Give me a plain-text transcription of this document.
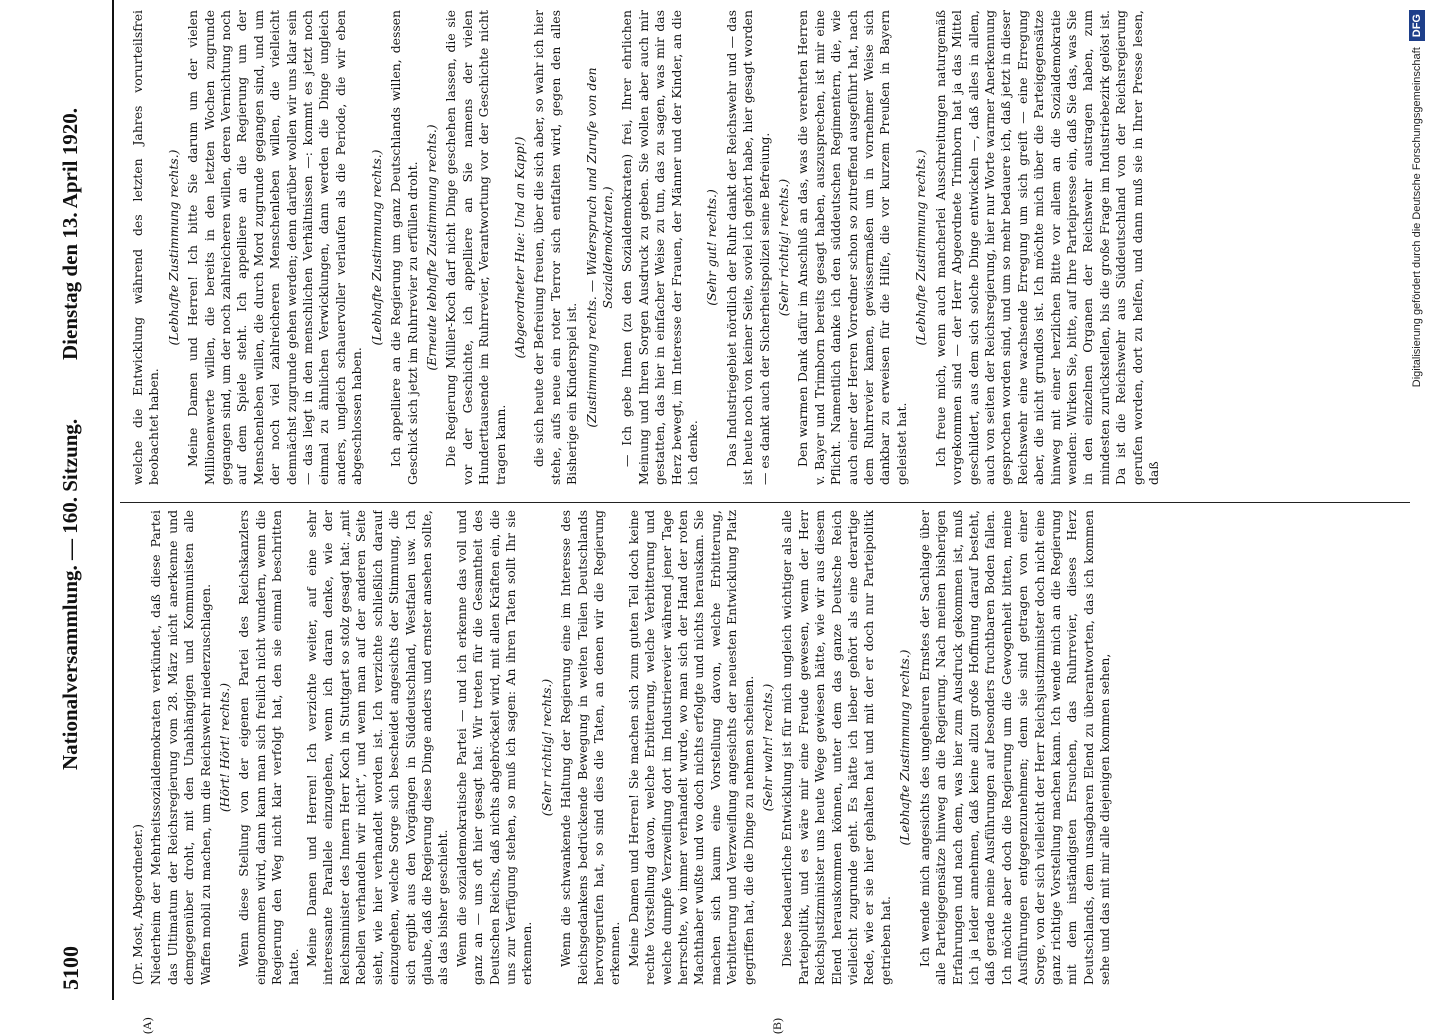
5100
Nationalversammlung. — 160. Sitzung.
Dienstag den 13. April 1920.
(A)	(B)

(Dr. Most, Abgeordneter.) Niederheim der Mehrheitssozialdemokraten verkündet, daß diese Partei das Ultimatum der Reichsregierung vom 28. März nicht anerkenne und demgegenüber droht, mit den Unabhängigen und Kommunisten alle Waffen mobil zu machen, um die Reichswehr niederzuschlagen. (Hört! Hört! rechts.) Wenn diese Stellung von der eigenen Partei des Reichskanzlers eingenommen wird, dann kann man sich freilich nicht wundern, wenn die Regierung den Weg nicht klar verfolgt hat, den sie einmal beschritten hatte. Meine Damen und Herren! Ich verzichte weiter, auf eine sehr interessante Parallele einzugehen, wenn ich daran denke, wie der Reichsminister des Innern Herr Koch in Stuttgart so stolz gesagt hat: „mit Rebellen verhandeln wir nicht“, und wenn man auf der anderen Seite sieht, wie hier verhandelt worden ist. Ich verzichte schließlich darauf einzugehen, welche Sorge sich bescheidet angesichts der Stimmung, die sich ergibt aus den Vorgängen in Süddeutschland, Westfalen usw. Ich glaube, daß die Regierung diese Dinge anders und ernster ansehen sollte, als das bisher geschieht. Wenn die sozialdemokratische Partei — und ich erkenne das voll und ganz an — uns oft hier gesagt hat: Wir treten für die Gesamtheit des Deutschen Reichs, daß nichts abgebröckelt wird, mit allen Kräften ein, die uns zur Verfügung stehen, so muß ich sagen: An ihren Taten sollt Ihr sie erkennen.

(Sehr richtig! rechts.) Wenn die schwankende Haltung der Regierung eine im Interesse des Reichsgedankens bedrückende Bewegung in weiten Teilen Deutschlands hervorgerufen hat, so sind dies die Taten, an denen wir die Regierung erkennen. Meine Damen und Herren! Sie machen sich zum guten Teil doch keine rechte Vorstellung davon, welche Erbitterung, welche Verbitterung und welche dumpfe Verzweiflung dort im Industrierevier während jener Tage herrschte, wo immer verhandelt wurde, wo man sich der Hand der roten Machthaber wußte und wo doch nichts erfolgte und nichts herauskam. Sie machen sich kaum eine Vorstellung davon, welche Erbitterung, Verbitterung und Verzweiflung angesichts der neuesten Entwicklung Platz gegriffen hat, die die Dinge zu nehmen scheinen. (Sehr wahr! rechts.) Diese bedauerliche Entwicklung ist für mich ungleich wichtiger als alle Parteipolitik, und es wäre mir eine Freude gewesen, wenn der Herr Reichsjustizminister uns heute Wege gewiesen hätte, wie wir aus diesem Elend herauskommen können, unter dem das ganze Deutsche Reich vielleicht zugrunde geht. Es hätte ich lieber gehört als eine derartige Rede, wie er sie hier gehalten hat und mit der er doch nur Parteipolitik getrieben hat.

(Lebhafte Zustimmung rechts.) Ich wende mich angesichts des ungeheuren Ernstes der Sachlage über alle Parteigegensätze hinweg an die Regierung. Nach meinen bisherigen Erfahrungen und nach dem, was hier zum Ausdruck gekommen ist, muß ich ja leider annehmen, daß keine allzu große Hoffnung darauf besteht, daß gerade meine Ausführungen auf besonders fruchtbaren Boden fallen. Ich möchte aber doch die Regierung um die Gewogenheit bitten, meine Ausführungen entgegenzunehmen; denn sie sind getragen von einer Sorge, von der sich vielleicht der Herr Reichsjustizminister doch nicht eine ganz richtige Vorstellung machen kann. Ich wende mich an die Regierung mit dem inständigsten Ersuchen, das Ruhrrevier, dieses Herz Deutschlands, dem unsagbaren Elend zu überantworten, das ich kommen sehe und das mit mir alle diejenigen kommen sehen,

welche die Entwicklung während des letzten Jahres vorurteilsfrei beobachtet haben.

(Lebhafte Zustimmung rechts.) Meine Damen und Herren! Ich bitte Sie darum um der vielen Millionenwerte willen, die bereits in den letzten Wochen zugrunde gegangen sind, um der noch zahlreicheren willen, deren Vernichtung noch auf dem Spiele steht. Ich appelliere an die Regierung um der Menschenleben willen, die durch Mord zugrunde gegangen sind, und um der noch viel zahlreicheren Menschenleben willen, die vielleicht demnächst zugrunde gehen werden; denn darüber wollen wir uns klar sein — das liegt in den menschlichen Verhältnissen —: kommt es jetzt noch einmal zu ähnlichen Verwicklungen, dann werden die Dinge ungleich anders, ungleich schauervoller verlaufen als die Periode, die wir eben abgeschlossen haben.

(Lebhafte Zustimmung rechts.) Ich appelliere an die Regierung um ganz Deutschlands willen, dessen Geschick sich jetzt im Ruhrrevier zu erfüllen droht. (Erneute lebhafte Zustimmung rechts.) Die Regierung Müller-Koch darf nicht Dinge geschehen lassen, die sie vor der Geschichte, ich appelliere an Sie namens der vielen Hunderttausende im Ruhrrevier, Verantwortung vor der Geschichte nicht tragen kann.

(Abgeordneter Hue: Und an Kapp!) die sich heute der Befreiung freuen, über die sich aber, so wahr ich hier stehe, aufs neue ein roter Terror sich entfalten wird, gegen den alles Bisherige ein Kinderspiel ist. (Zustimmung rechts. — Widerspruch und Zurufe von den Sozialdemokraten.) — Ich gebe Ihnen (zu den Sozialdemokraten) frei, Ihrer ehrlichen Meinung und Ihren Sorgen Ausdruck zu geben. Sie wollen aber auch mir gestatten, das hier in einfacher Weise zu tun, das zu sagen, was mir das Herz bewegt, im Interesse der Frauen, der Männer und der Kinder, an die ich denke.

(Sehr gut! rechts.) Das Industriegebiet nördlich der Ruhr dankt der Reichswehr und — das ist heute noch von keiner Seite, soviel ich gehört habe, hier gesagt worden — es dankt auch der Sicherheitspolizei seine Befreiung. (Sehr richtig! rechts.) Den warmen Dank dafür im Anschluß an das, was die verehrten Herren v. Bayer und Trimborn bereits gesagt haben, auszusprechen, ist mir eine Pflicht. Namentlich danke ich den süddeutschen Regimentern, die, wie auch einer der Herren Vorredner schon so zutreffend ausgeführt hat, nach dem Ruhrrevier kamen, gewissermaßen um in vornehmer Weise sich dankbar zu erweisen für die Hilfe, die vor kurzem Preußen in Bayern geleistet hat.

(Lebhafte Zustimmung rechts.) Ich freue mich, wenn auch mancherlei Ausschreitungen naturgemäß vorgekommen sind — der Herr Abgeordnete Trimborn hat ja das Mittel geschildert, aus dem sich solche Dinge entwickeln —, daß alles in allem, auch von seiten der Reichsregierung, hier nur Worte warmer Anerkennung gesprochen worden sind, und um so mehr bedauere ich, daß jetzt in dieser Reichswehr eine wachsende Erregung um sich greift — eine Erregung aber, die nicht grundlos ist. Ich möchte mich über die Parteigegensätze hinweg mit einer herzlichen Bitte vor allem an die Sozialdemokratie wenden: Wirken Sie, bitte, auf Ihre Parteipresse ein, daß Sie das, was Sie in den einzelnen Organen der Reichswehr austragen haben, zum mindesten zurückstellen, bis die große Frage im Industriebezirk gelöst ist. Da ist die Reichswehr aus Süddeutschland von der Reichsregierung gerufen worden, dort zu helfen, und dann muß sie in Ihrer Presse lesen, daß

Digitalisierung gefördert durch die Deutsche ForschungsgemeinschaftDFG
